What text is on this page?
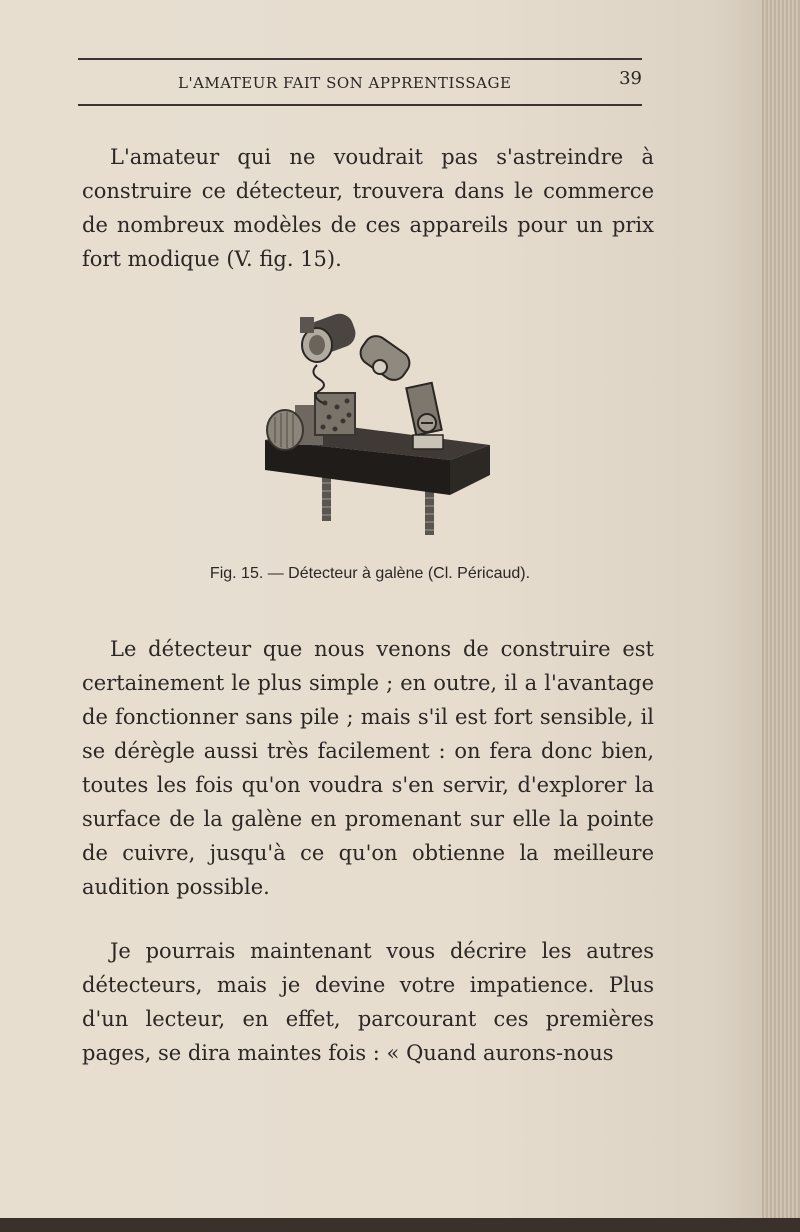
L'AMATEUR FAIT SON APPRENTISSAGE	39

L'amateur qui ne voudrait pas s'astreindre à construire ce détecteur, trouvera dans le commerce de nombreux modèles de ces appareils pour un prix fort modique (V. fig. 15).

Fig. 15. — Détecteur à galène (Cl. Péricaud).

Le détecteur que nous venons de construire est certainement le plus simple ; en outre, il a l'avantage de fonctionner sans pile ; mais s'il est fort sensible, il se dérègle aussi très facilement : on fera donc bien, toutes les fois qu'on voudra s'en servir, d'explorer la surface de la galène en promenant sur elle la pointe de cuivre, jusqu'à ce qu'on obtienne la meilleure audition possible.

Je pourrais maintenant vous décrire les autres détecteurs, mais je devine votre impatience. Plus d'un lecteur, en effet, parcourant ces premières pages, se dira maintes fois : « Quand aurons-nous
